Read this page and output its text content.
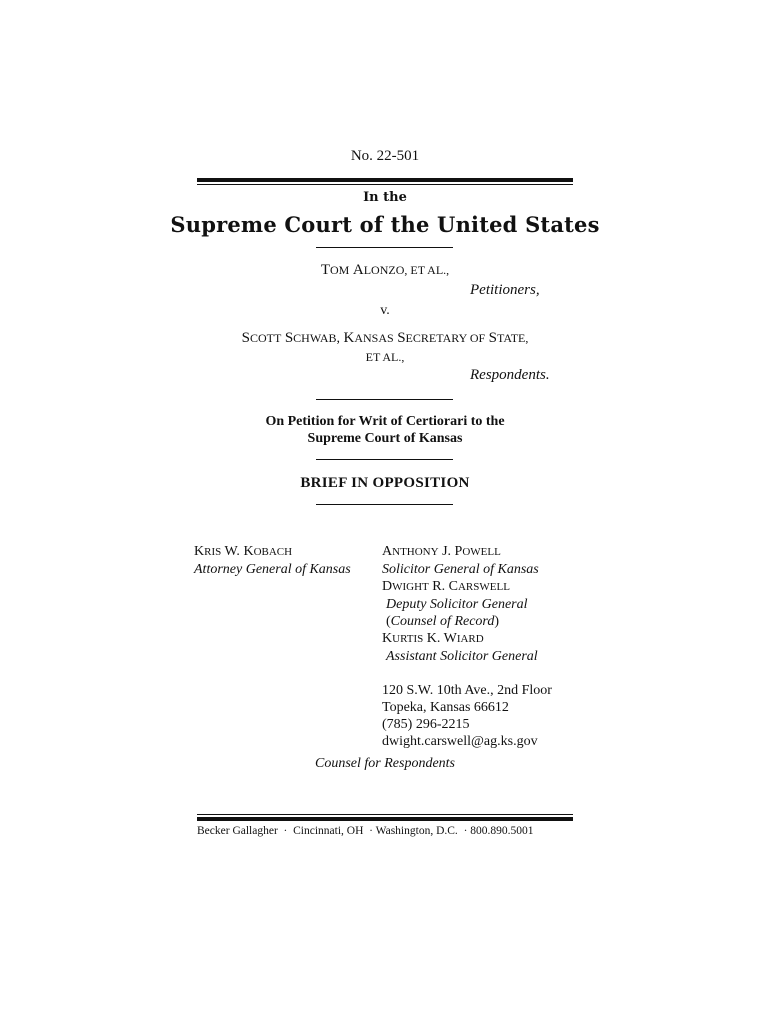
No. 22-501
In the
Supreme Court of the United States
TOM ALONZO, ET AL.,
Petitioners,
v.
SCOTT SCHWAB, KANSAS SECRETARY OF STATE,
ET AL.,
Respondents.
On Petition for Writ of Certiorari to the
Supreme Court of Kansas
BRIEF IN OPPOSITION
KRIS W. KOBACH
Attorney General of Kansas
ANTHONY J. POWELL
Solicitor General of Kansas
DWIGHT R. CARSWELL
Deputy Solicitor General
(Counsel of Record)
KURTIS K. WIARD
Assistant Solicitor General
120 S.W. 10th Ave., 2nd Floor
Topeka, Kansas 66612
(785) 296-2215
dwight.carswell@ag.ks.gov
Counsel for Respondents
Becker Gallagher · Cincinnati, OH · Washington, D.C. · 800.890.5001
